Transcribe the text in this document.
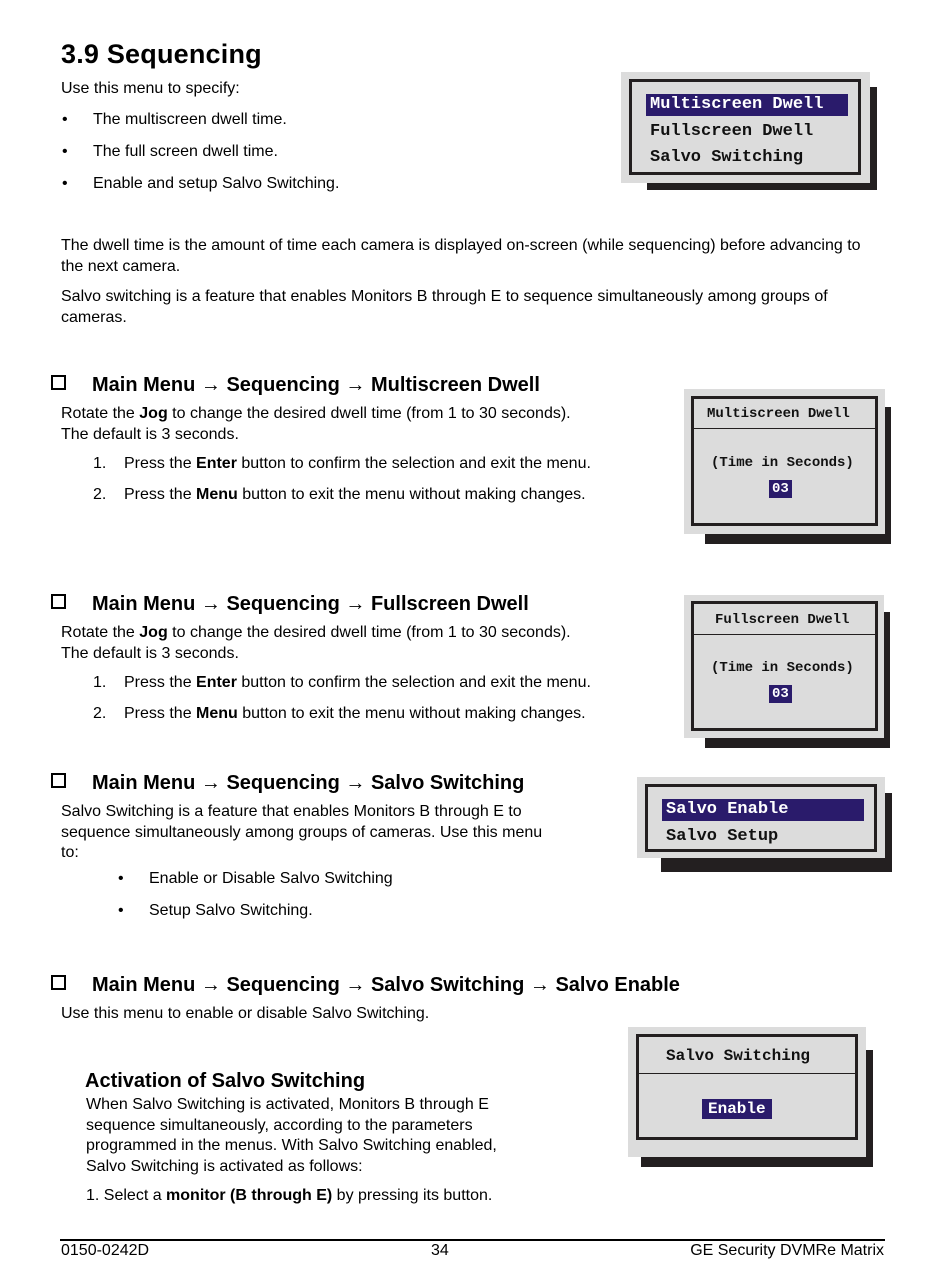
3.9 Sequencing
Use this menu to specify:
• The multiscreen dwell time.
• The full screen dwell time.
• Enable and setup Salvo Switching.
Multiscreen Dwell
Fullscreen Dwell
Salvo Switching
The dwell time is the amount of time each camera is displayed on-screen (while sequencing) before advancing to the next camera.
Salvo switching is a feature that enables Monitors B through E to sequence simultaneously among groups of cameras.
Main Menu → Sequencing → Multiscreen Dwell
Rotate the Jog to change the desired dwell time (from 1 to 30 seconds).
The default is 3 seconds.
1. Press the Enter button to confirm the selection and exit the menu.
2. Press the Menu button to exit the menu without making changes.
Multiscreen Dwell
(Time in Seconds)
03
Main Menu → Sequencing → Fullscreen Dwell
Rotate the Jog to change the desired dwell time (from 1 to 30 seconds).
The default is 3 seconds.
1. Press the Enter button to confirm the selection and exit the menu.
2. Press the Menu button to exit the menu without making changes.
Fullscreen Dwell
(Time in Seconds)
03
Main Menu → Sequencing → Salvo Switching
Salvo Switching is a feature that enables Monitors B through E to
sequence simultaneously among groups of cameras. Use this menu
to:
• Enable or Disable Salvo Switching
• Setup Salvo Switching.
Salvo Enable
Salvo Setup
Main Menu → Sequencing → Salvo Switching → Salvo Enable
Use this menu to enable or disable Salvo Switching.
Salvo Switching
Enable
Activation of Salvo Switching
When Salvo Switching is activated, Monitors B through E
sequence simultaneously, according to the parameters
programmed in the menus. With Salvo Switching enabled,
Salvo Switching is activated as follows:
1. Select a monitor (B through E) by pressing its button.
0150-0242D	34	GE Security DVMRe Matrix
